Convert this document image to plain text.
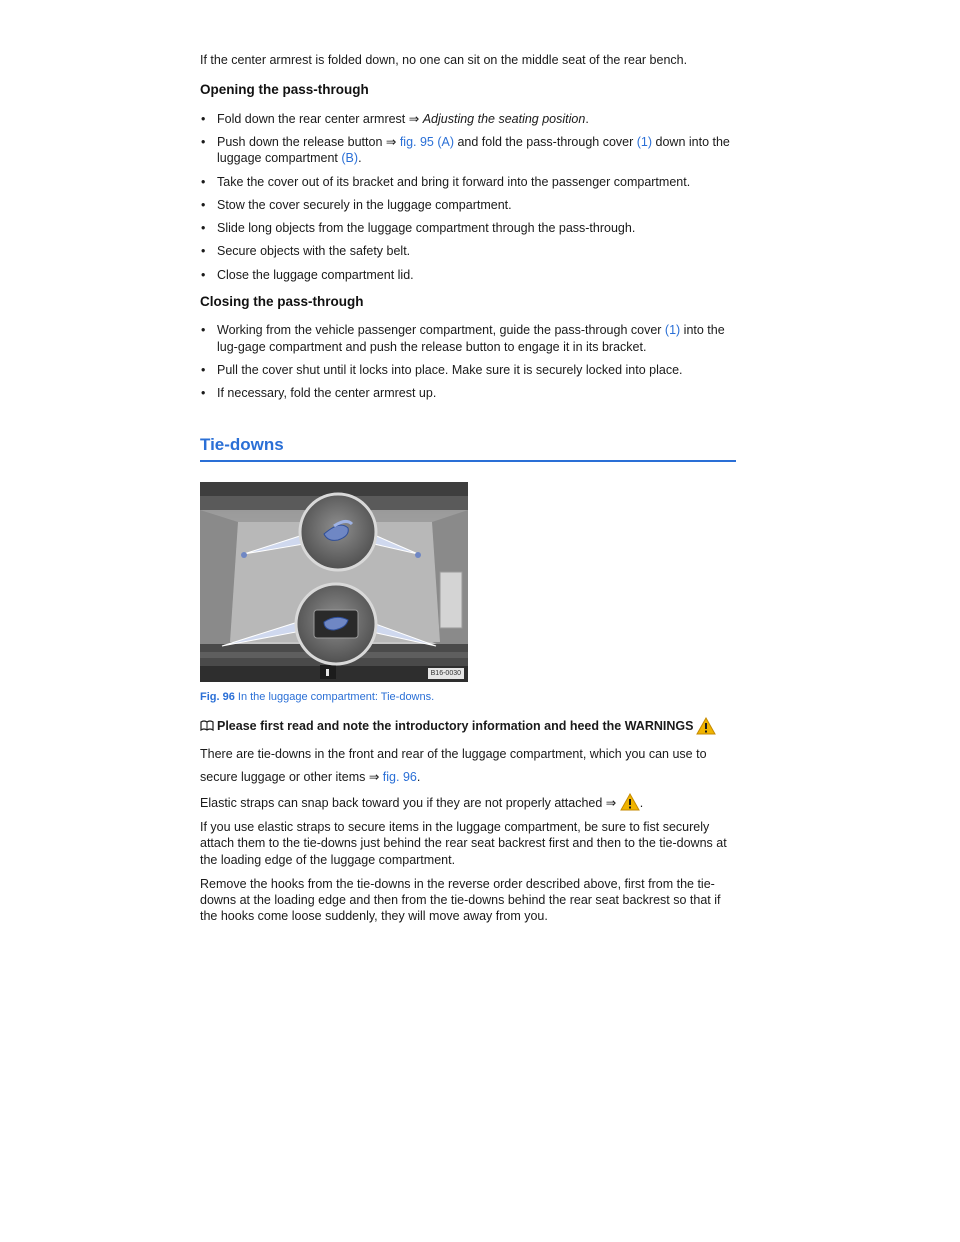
If the center armrest is folded down, no one can sit on the middle seat of the rear bench.

Opening the pass-through
• Fold down the rear center armrest ⇒ Adjusting the seating position.
• Push down the release button ⇒ fig. 95 (A) and fold the pass-through cover (1) down into the luggage compartment (B).
• Take the cover out of its bracket and bring it forward into the passenger compartment.
• Stow the cover securely in the luggage compartment.
• Slide long objects from the luggage compartment through the pass-through.
• Secure objects with the safety belt.
• Close the luggage compartment lid.
Closing the pass-through
• Working from the vehicle passenger compartment, guide the pass-through cover (1) into the lug-gage compartment and push the release button to engage it in its bracket.
• Pull the cover shut until it locks into place. Make sure it is securely locked into place.
• If necessary, fold the center armrest up.
Tie-downs
B16-0030

Fig. 96 In the luggage compartment: Tie-downs.

Please first read and note the introductory information and heed the WARNINGS

There are tie-downs in the front and rear of the luggage compartment, which you can use to secure luggage or other items ⇒ fig. 96.

Elastic straps can snap back toward you if they are not properly attached ⇒ .

If you use elastic straps to secure items in the luggage compartment, be sure to fist securely attach them to the tie-downs just behind the rear seat backrest first and then to the tie-downs at the loading edge of the luggage compartment.

Remove the hooks from the tie-downs in the reverse order described above, first from the tie-downs at the loading edge and then from the tie-downs behind the rear seat backrest so that if the hooks come loose suddenly, they will move away from you.
